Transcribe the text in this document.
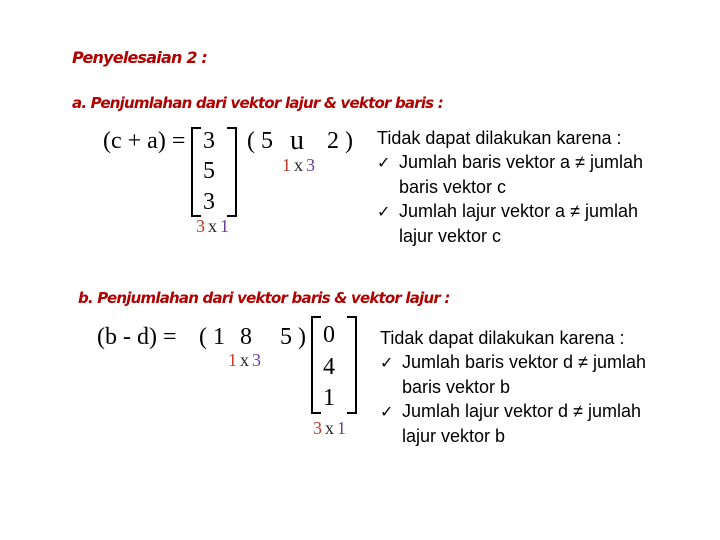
Penyelesaian 2 :
a. Penjumlahan dari vektor lajur & vektor baris :
(c + a) = 3
5
3
3x1
( 5 u 2 )
1x3
Tidak dapat dilakukan karena :
✓ Jumlah baris vektor a ≠ jumlah
baris vektor c
✓ Jumlah lajur vektor a ≠ jumlah
lajur vektor c
b. Penjumlahan dari vektor baris & vektor lajur :
(b - d) = ( 1 8 5 )
1x3
0
4
1
3x1
Tidak dapat dilakukan karena :
✓ Jumlah baris vektor d ≠ jumlah
baris vektor b
✓ Jumlah lajur vektor d ≠ jumlah
lajur vektor b
